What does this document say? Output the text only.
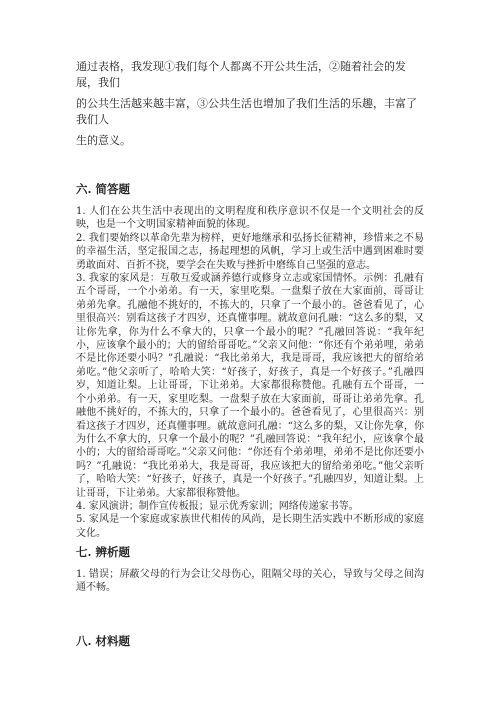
通过表格，我发现①我们每个人都离不开公共生活，②随着社会的发展，我们

的公共生活越来越丰富，③公共生活也增加了我们生活的乐趣，丰富了我们人

生的意义。

六. 简答题

1. 人们在公共生活中表现出的文明程度和秩序意识不仅是一个文明社会的反映，也是一个文明国家精神面貌的体现。

2. 我们要始终以革命先辈为榜样，更好地继承和弘扬长征精神，珍惜来之不易的幸福生活，坚定报国之志，扬起理想的风帆，学习上或生活中遇到困难时要勇敢面对、百折不挠，要学会在失败与挫折中磨练自己坚强的意志。

3. 我家的家风是：互敬互爱或涵养德行或修身立志或家国情怀。示例：孔融有五个哥哥，一个小弟弟。有一天，家里吃梨。一盘梨子放在大家面前，哥哥让弟弟先拿。孔融他不挑好的，不拣大的，只拿了一个最小的。爸爸看见了，心里很高兴：别看这孩子才四岁，还真懂事哩。就故意问孔融：“这么多的梨，又让你先拿，你为什么不拿大的，只拿一个最小的呢？”孔融回答说：“我年纪小，应该拿个最小的；大的留给哥哥吃。”父亲又问他：“你还有个弟弟哩，弟弟不是比你还要小吗？”孔融说：“我比弟弟大，我是哥哥，我应该把大的留给弟弟吃。”他父亲听了，哈哈大笑：“好孩子，好孩子，真是一个好孩子。”孔融四岁，知道让梨。上让哥哥，下让弟弟。大家都很称赞他。孔融有五个哥哥，一个小弟弟。有一天，家里吃梨。一盘梨子放在大家面前，哥哥让弟弟先拿。孔融他不挑好的，不拣大的，只拿了一个最小的。爸爸看见了，心里很高兴：别看这孩子才四岁，还真懂事哩。就故意问孔融：“这么多的梨，又让你先拿，你为什么不拿大的，只拿一个最小的呢？”孔融回答说：“我年纪小，应该拿个最小的；大的留给哥哥吃。”父亲又问他：“你还有个弟弟哩，弟弟不是比你还要小吗？”孔融说：“我比弟弟大，我是哥哥，我应该把大的留给弟弟吃。”他父亲听了，哈哈大笑：“好孩子，好孩子，真是一个好孩子。”孔融四岁，知道让梨。上让哥哥，下让弟弟。大家都很称赞他。

4. 家风演讲；制作宣传板报；显示优秀家训；网络传递家书等。

5. 家风是一个家庭或家族世代相传的风尚，是长期生活实践中不断形成的家庭文化。

七. 辨析题

1. 错误；屏蔽父母的行为会让父母伤心，阻隔父母的关心，导致与父母之间沟通不畅。

八. 材料题
